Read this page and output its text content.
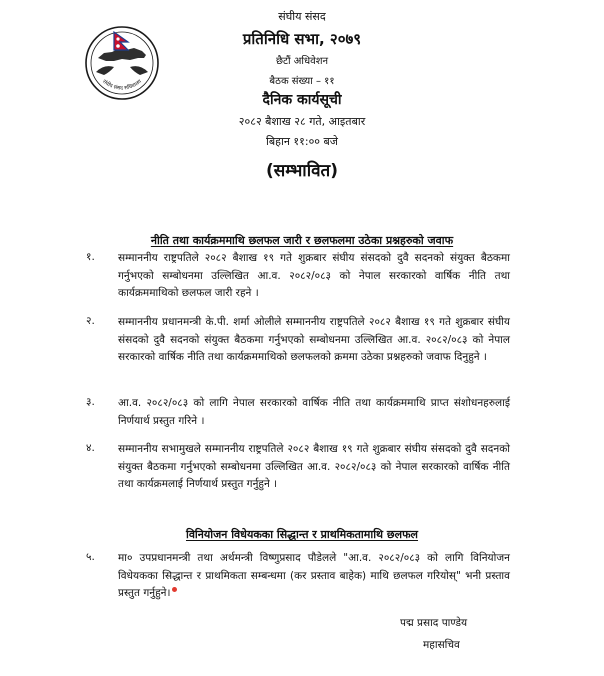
संघीय संसद सचिवालय
संघीय संसद
प्रतिनिधि सभा, २०७९
छैटौं अधिवेशन
बैठक संख्या – ११
दैनिक कार्यसूची
२०८२ बैशाख २८ गते, आइतबार
बिहान ११:०० बजे
(सम्भावित)
नीति तथा कार्यक्रममाथि छलफल जारी र छलफलमा उठेका प्रश्नहरुको जवाफ
१. सम्माननीय राष्ट्रपतिले २०८२ बैशाख १९ गते शुक्रबार संघीय संसदको दुवै सदनको संयुक्त बैठकमा गर्नुभएको सम्बोधनमा उल्लिखित आ.व. २०८२/०८३ को नेपाल सरकारको वार्षिक नीति तथा कार्यक्रममाथिको छलफल जारी रहने ।
२. सम्माननीय प्रधानमन्त्री के.पी. शर्मा ओलीले सम्माननीय राष्ट्रपतिले २०८२ बैशाख १९ गते शुक्रबार संघीय संसदको दुवै सदनको संयुक्त बैठकमा गर्नुभएको सम्बोधनमा उल्लिखित आ.व. २०८२/०८३ को नेपाल सरकारको वार्षिक नीति तथा कार्यक्रममाथिको छलफलको क्रममा उठेका प्रश्नहरुको जवाफ दिनुहुने ।
३. आ.व. २०८२/०८३ को लागि नेपाल सरकारको वार्षिक नीति तथा कार्यक्रममाथि प्राप्त संशोधनहरुलाई निर्णयार्थ प्रस्तुत गरिने ।
४. सम्माननीय सभामुखले सम्माननीय राष्ट्रपतिले २०८२ बैशाख १९ गते शुक्रबार संघीय संसदको दुवै सदनको संयुक्त बैठकमा गर्नुभएको सम्बोधनमा उल्लिखित आ.व. २०८२/०८३ को नेपाल सरकारको वार्षिक नीति तथा कार्यक्रमलाई निर्णयार्थ प्रस्तुत गर्नुहुने ।
विनियोजन विधेयकका सिद्धान्त र प्राथमिकतामाथि छलफल
५. मा० उपप्रधानमन्त्री तथा अर्थमन्त्री विष्णुप्रसाद पौडेलले "आ.व. २०८२/०८३ को लागि विनियोजन विधेयकका सिद्धान्त र प्राथमिकता सम्बन्धमा (कर प्रस्ताव बाहेक) माथि छलफल गरियोस्" भनी प्रस्ताव प्रस्तुत गर्नुहुने।
पद्म प्रसाद पाण्डेय
महासचिव
